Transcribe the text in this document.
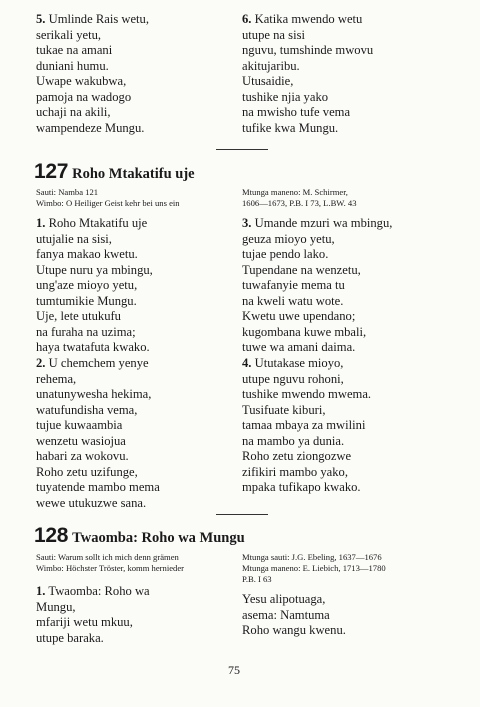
5. Umlinde Rais wetu,
serikali yetu,
tukae na amani
duniani humu.
Uwape wakubwa,
pamoja na wadogo
uchaji na akili,
wampendeze Mungu.
6. Katika mwendo wetu
utupe na sisi
nguvu, tumshinde mwovu
akitujaribu.
Utusaidie,
tushike njia yako
na mwisho tufe vema
tufike kwa Mungu.
127 Roho Mtakatifu uje
Sauti: Namba 121
Wimbo: O Heiliger Geist kehr bei uns ein
Mtunga maneno: M. Schirmer,
1606—1673, P.B. I 73, L.BW. 43
1. Roho Mtakatifu uje
utujalie na sisi,
fanya makao kwetu.
Utupe nuru ya mbingu,
ung'aze mioyo yetu,
tumtumikie Mungu.
Uje, lete utukufu
na furaha na uzima;
haya twatafuta kwako.
2. U chemchem yenye
rehema,
unatunywesha hekima,
watufundisha vema,
tujue kuwaambia
wenzetu wasiojua
habari za wokovu.
Roho zetu uzifunge,
tuyatende mambo mema
wewe utukuzwe sana.
3. Umande mzuri wa mbingu,
geuza mioyo yetu,
tujae pendo lako.
Tupendane na wenzetu,
tuwafanyie mema tu
na kweli watu wote.
Kwetu uwe upendano;
kugombana kuwe mbali,
tuwe wa amani daima.
4. Ututakase mioyo,
utupe nguvu rohoni,
tushike mwendo mwema.
Tusifuate kiburi,
tamaa mbaya za mwilini
na mambo ya dunia.
Roho zetu ziongozwe
zifikiri mambo yako,
mpaka tufikapo kwako.
128 Twaomba: Roho wa Mungu
Sauti: Warum sollt ich mich denn grämen
Wimbo: Höchster Tröster, komm hernieder
Mtunga sauti: J.G. Ebeling, 1637—1676
Mtunga maneno: E. Liebich, 1713—1780
P.B. I 63
1. Twaomba: Roho wa
Mungu,
mfariji wetu mkuu,
utupe baraka.
Yesu alipotuaga,
asema: Namtuma
Roho wangu kwenu.
75
